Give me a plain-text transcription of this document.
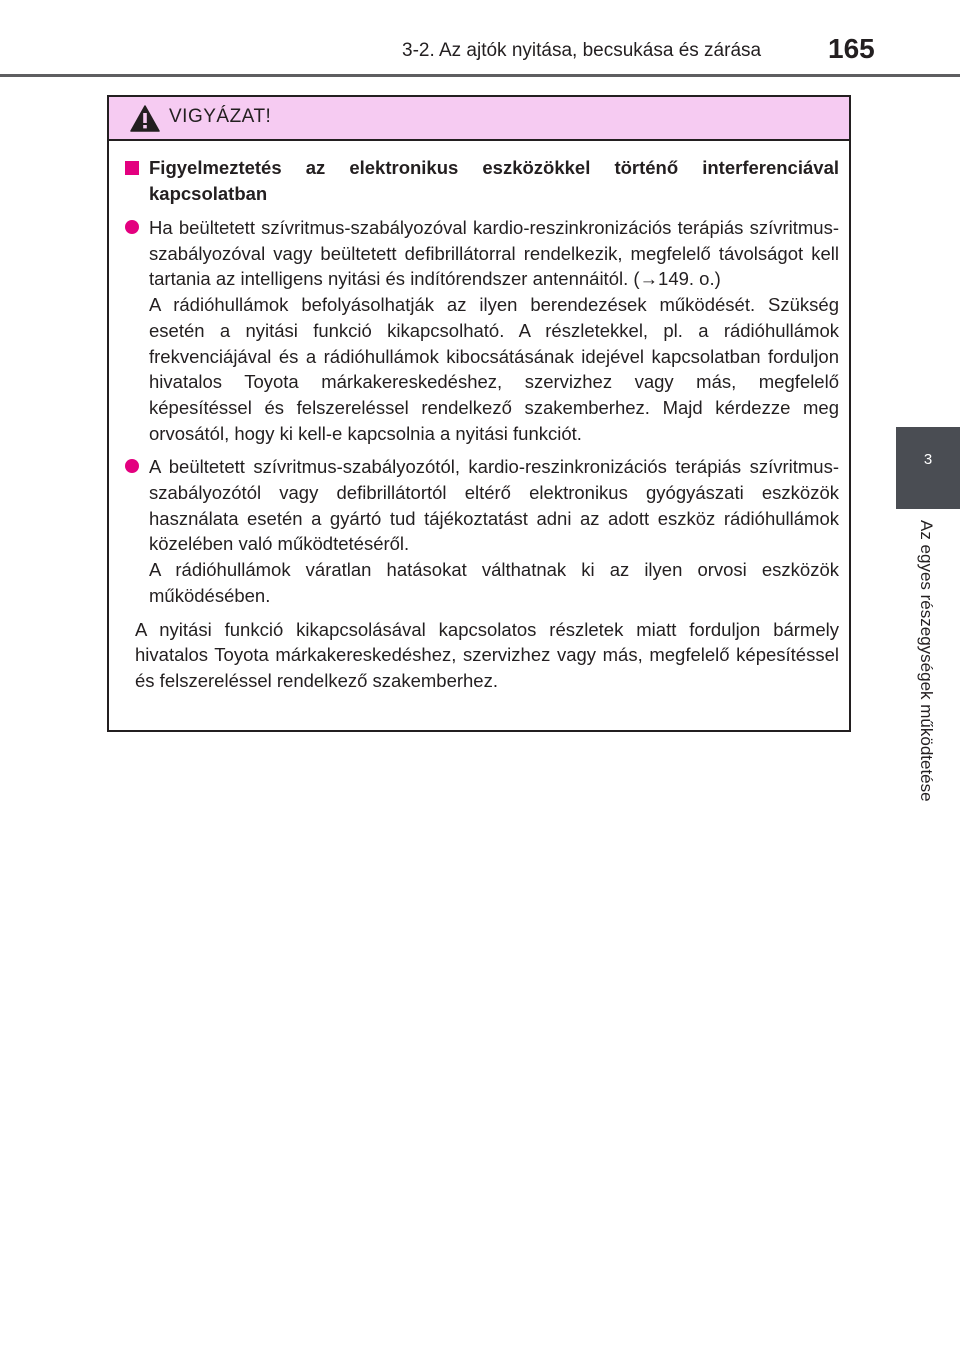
3-2. Az ajtók nyitása, becsukása és zárása 165
3
Az egyes részegységek működtetése
VIGYÁZAT!
Figyelmeztetés az elektronikus eszközökkel történő interferenciával kapcsolatban

Ha beültetett szívritmus-szabályozóval kardio-reszinkronizációs terápiás szívritmus-szabályozóval vagy beültetett defibrillátorral rendelkezik, megfelelő távolságot kell tartania az intelligens nyitási és indítórendszer antennáitól. (→149. o.)

A rádióhullámok befolyásolhatják az ilyen berendezések működését. Szükség esetén a nyitási funkció kikapcsolható. A részletekkel, pl. a rádióhullámok frekvenciájával és a rádióhullámok kibocsátásának idejével kapcsolatban forduljon hivatalos Toyota márkakereskedéshez, szervizhez vagy más, megfelelő képesítéssel és felszereléssel rendelkező szakemberhez. Majd kérdezze meg orvosától, hogy ki kell-e kapcsolnia a nyitási funkciót.

A beültetett szívritmus-szabályozótól, kardio-reszinkronizációs terápiás szívritmus-szabályozótól vagy defibrillátortól eltérő elektronikus gyógyászati eszközök használata esetén a gyártó tud tájékoztatást adni az adott eszköz rádióhullámok közelében való működtetéséről.

A rádióhullámok váratlan hatásokat válthatnak ki az ilyen orvosi eszközök működésében.

A nyitási funkció kikapcsolásával kapcsolatos részletek miatt forduljon bármely hivatalos Toyota márkakereskedéshez, szervizhez vagy más, megfelelő képesítéssel és felszereléssel rendelkező szakemberhez.
